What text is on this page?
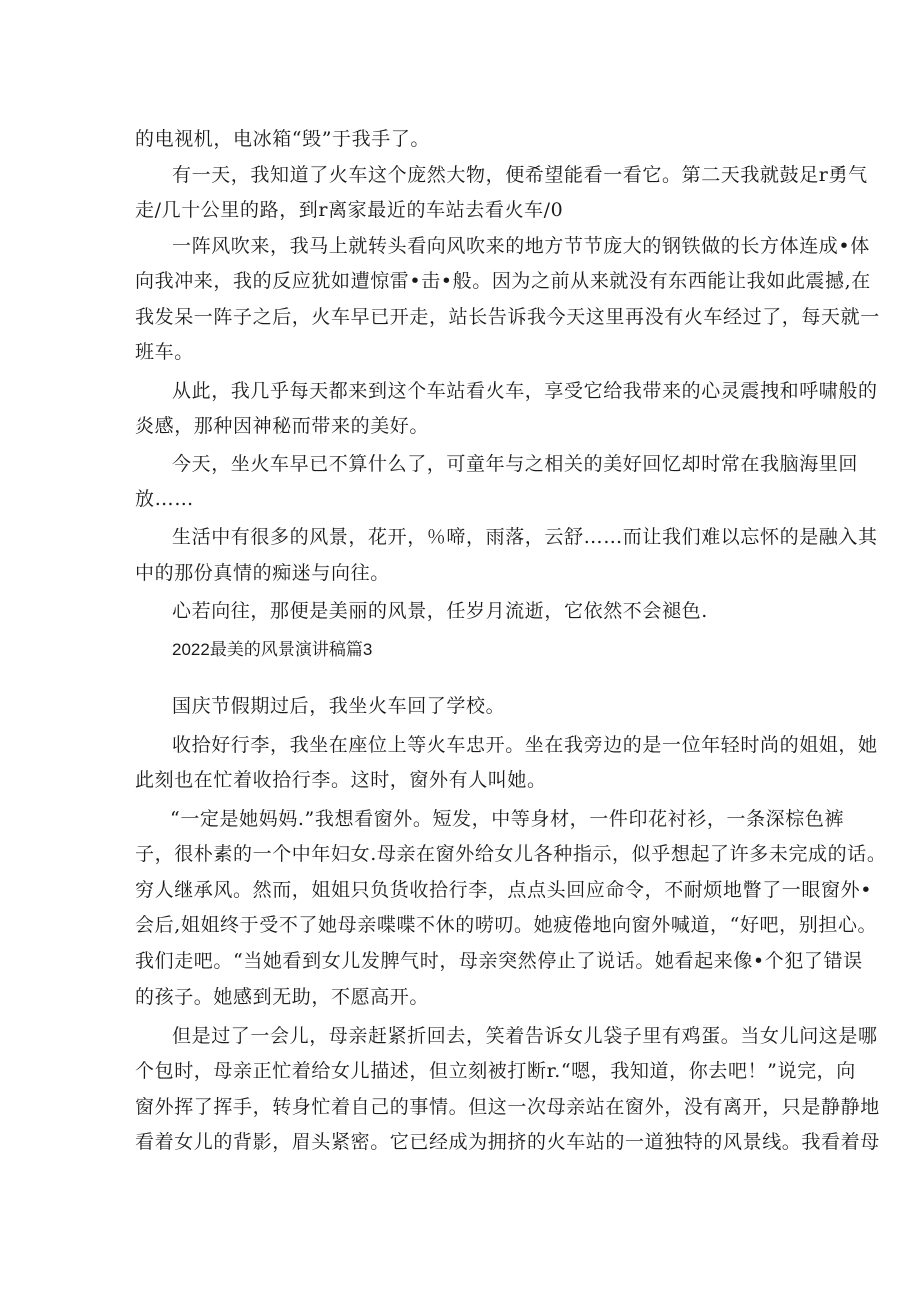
的电视机，电冰箱“毁”于我手了。
有一天，我知道了火车这个庞然大物，便希望能看一看它。第二天我就鼓足r勇气
走/几十公里的路，到r离家最近的车站去看火车/0
一阵风吹来，我马上就转头看向风吹来的地方节节庞大的钢铁做的长方体连成•体
向我冲来，我的反应犹如遭惊雷•击•般。因为之前从来就没有东西能让我如此震撼,在
我发呆一阵子之后，火车早已开走，站长告诉我今天这里再没有火车经过了，每天就一
班车。
从此，我几乎每天都来到这个车站看火车，享受它给我带来的心灵震拽和呼啸般的
炎感，那种因神秘而带来的美好。
今天，坐火车早已不算什么了，可童年与之相关的美好回忆却时常在我脑海里回
放……
生活中有很多的风景，花开，％啼，雨落，云舒……而让我们难以忘怀的是融入其
中的那份真情的痴迷与向往。
心若向往，那便是美丽的风景，任岁月流逝，它依然不会褪色.
2022最美的风景演讲稿篇3
国庆节假期过后，我坐火车回了学校。
收拾好行李，我坐在座位上等火车忠开。坐在我旁边的是一位年轻时尚的姐姐，她
此刻也在忙着收拾行李。这时，窗外有人叫她。
“一定是她妈妈.”我想看窗外。短发，中等身材，一件印花衬衫，一条深棕色裤
子，很朴素的一个中年妇女.母亲在窗外给女儿各种指示，似乎想起了许多未完成的话。
穷人继承风。然而，姐姐只负货收拾行李，点点头回应命令，不耐烦地瞥了一眼窗外•
会后,姐姐终于受不了她母亲喋喋不休的唠叨。她疲倦地向窗外喊道，“好吧，别担心。
我们走吧。“当她看到女儿发脾气时，母亲突然停止了说话。她看起来像•个犯了错误
的孩子。她感到无助，不愿高开。
但是过了一会儿，母亲赶紧折回去，笑着告诉女儿袋子里有鸡蛋。当女儿问这是哪
个包时，母亲正忙着给女儿描述，但立刻被打断r.“嗯，我知道，你去吧！”说完，向
窗外挥了挥手，转身忙着自己的事情。但这一次母亲站在窗外，没有离开，只是静静地
看着女儿的背影，眉头紧密。它已经成为拥挤的火车站的一道独特的风景线。我看着母
